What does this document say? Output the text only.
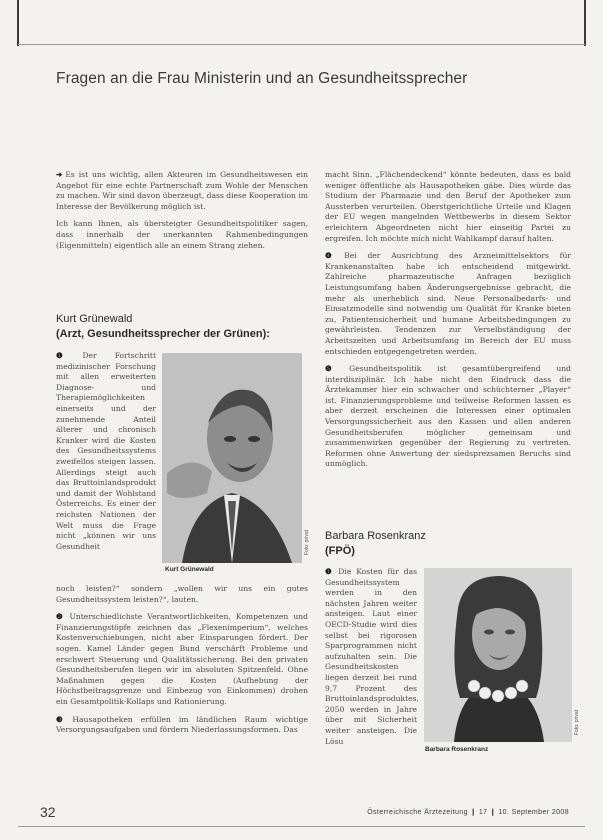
Fragen an die Frau Ministerin und an Gesundheitssprecher

➜ Es ist uns wichtig, allen Akteuren im Gesundheitswesen ein Angebot für eine echte Partnerschaft zum Wohle der Menschen zu machen. Wir sind davon überzeugt, dass diese Kooperation im Interesse der Bevölkerung möglich ist.

Ich kann Ihnen, als übersteigter Gesundheitspolitiker sagen, dass innerhalb der unerkannten Rahmenbedingungen (Eigenmitteln) eigentlich alle an einem Strang ziehen.

Kurt Grünewald
(Arzt, Gesundheitssprecher der Grünen):
❶ Der Fortschritt medizinischer Forschung mit allen erweiterten Diagnose- und Therapiemöglichkeiten einerseits und der zunehmende Anteil älterer und chronisch Kranker wird die Kosten des Gesundheitssystems zweifellos steigen lassen. Allerdings steigt auch das Bruttoinlandsprodukt und damit der Wohlstand Österreichs. Es einer der reichsten Nationen der Welt muss die Frage nicht „können wir uns Gesundheit
Kurt Grünewald
Foto: privat

noch leisten?“ sondern „wollen wir uns ein gutes Gesundheitssystem leisten?“, lauten.

❷ Unterschiedlichste Verantwortlichkeiten, Kompetenzen und Finanzierungstöpfe zeichnen das „Flexenimperium“, welches Kostenverschiebungen, nicht aber Einsparungen fördert. Der sogen. Kamel Länder gegen Bund verschärft Probleme und erschwert Steuerung und Qualitätssicherung. Bei den privaten Gesundheitsberufen liegen wir im absoluten Spitzenfeld. Ohne Maßnahmen gegen die Kosten (Aufhebung der Höchstbeitragsgrenze und Einbezug von Einkommen) drohen ein Gesamtpolitik-Kollaps und Rationierung.

❸ Hausapotheken erfüllen im ländlichen Raum wichtige Versorgungsaufgaben und fördern Niederlassungsformen. Das

macht Sinn. „Flächendeckend“ könnte bedeuten, dass es bald weniger öffentliche als Hausapotheken gäbe. Dies würde das Studium der Pharmazie und den Beruf der Apotheker zum Aussterben verurteilen. Oberstgerichtliche Urteile und Klagen der EU wegen mangelnden Wettbewerbs in diesem Sektor erleichtern Abgeordneten nicht hier einseitig Partei zu ergreifen. Ich möchte mich nicht Wahlkampf darauf halten.

❹ Bei der Ausrichtung des Arzneimittelsektors für Krankenanstalten habe ich entscheidend mitgewirkt. Zahlreiche pharmazeutische Anfragen bezüglich Leistungsumfang haben Änderungsergebnisse gebracht, die mehr als unerheblich sind. Neue Personalbedarfs- und Einsatzmodelle sind notwendig um Qualität für Kranke bieten zu, Patientensicherheit und humane Arbeitsbedingungen zu gewährleisten. Tendenzen zur Verselbständigung der Arbeitszeiten und Arbeitsumfang im Bereich der EU muss entschieden entgegengetreten werden.

❺ Gesundheitspolitik ist gesamtübergreifend und interdisziplinär. Ich habe nicht den Eindruck dass die Ärztekammer hier ein schwacher und schüchterner „Player“ ist. Finanzierungsprobleme und teilweise Reformen lassen es aber derzeit erscheinen die Interessen einer optimalen Versorgungssicherheit aus den Kassen und allen anderen Gesundheitsberufen möglicher gemeinsam und zusammenwirken gegenüber der Regierung zu vertreten. Reformen ohne Anwertung der siedsprezsamen Beruchs sind unmöglich.

Barbara Rosenkranz
(FPÖ)
❶ Die Kosten für das Gesundheitssystem werden in den nächsten Jahren weiter ansteigen. Laut einer OECD-Studie wird dies selbst bei rigorosen Sparprogrammen nicht aufzuhalten sein. Die Gesundheitskosten liegen derzeit bei rund 9,7 Prozent des Bruttoinlandsproduktes, 2050 werden in Jahre über mit Sicherheit weiter ansteigen. Die Lösu
Barbara Rosenkranz
Foto: privat
32	Österreichische Ärztezeitung ❙ 17 ❙ 10. September 2008
